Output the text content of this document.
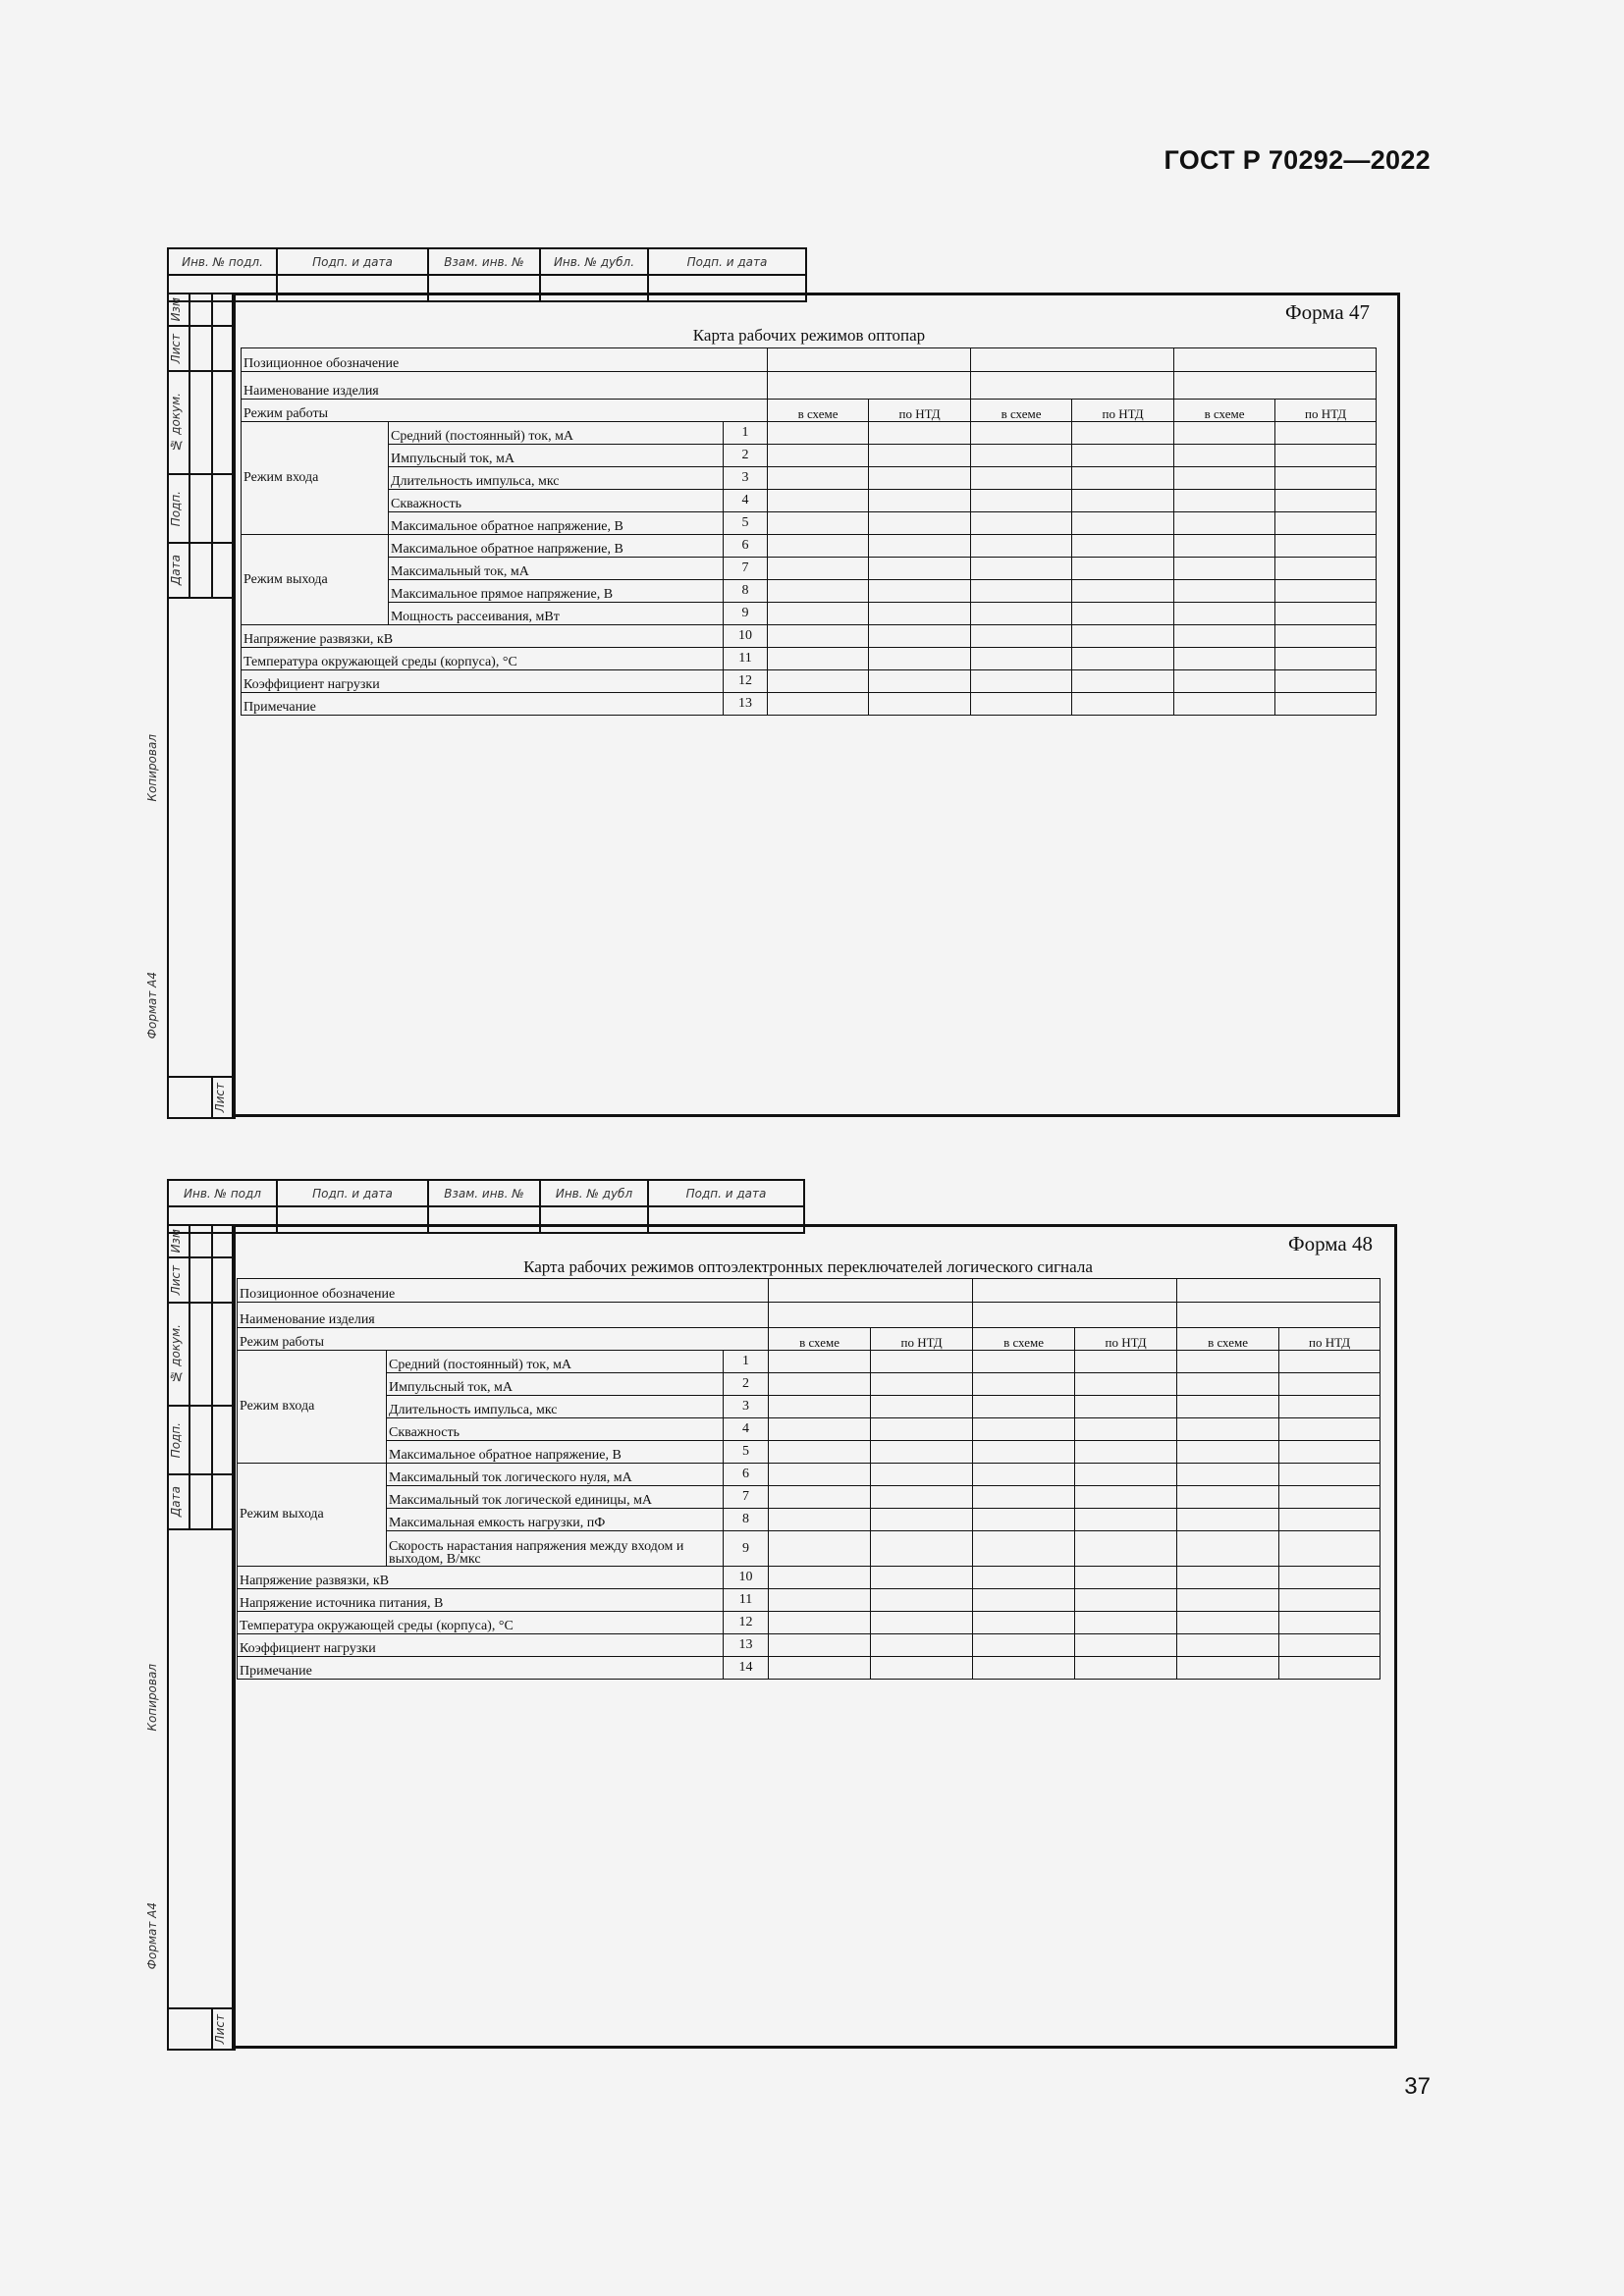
ГОСТ Р 70292—2022
37
Инв. № подл.	Подп. и дата	Взам. инв. №	Инв. № дубл.	Подп. и дата

Изм		

Лист		

№ докум.		

Подп.		

Дата		

		Лист
Копировал
Формат А4
Форма 47
Карта рабочих режимов оптопар
Позиционное обозначение								
Наименование изделия								
Режим работы			в схеме	по НТД	в схеме	по НТД	в схеме	по НТД
Режим входа	Средний (постоянный) ток, мА	1						
	Импульсный ток, мА	2						
	Длительность импульса, мкс	3						
	Скважность	4						
	Максимальное обратное напряжение, В	5						
Режим выхода	Максимальное обратное напряжение, В	6						
	Максимальный ток, мА	7						
	Максимальное прямое напряжение, В	8						
	Мощность рассеивания, мВт	9						
Напряжение развязки, кВ		10						
Температура окружающей среды (корпуса), °С		11						
Коэффициент нагрузки		12						
Примечание		13						
Инв. № подл	Подп. и дата	Взам. инв. №	Инв. № дубл	Подп. и дата

Изм		

Лист		

№ докум.		

Подп.		

Дата		

		Лист
Копировал
Формат А4
Форма 48
Карта рабочих режимов оптоэлектронных переключателей логического сигнала
Позиционное обозначение								
Наименование изделия								
Режим работы			в схеме	по НТД	в схеме	по НТД	в схеме	по НТД
Режим входа	Средний (постоянный) ток, мА	1						
	Импульсный ток, мА	2						
	Длительность импульса, мкс	3						
	Скважность	4						
	Максимальное обратное напряжение, В	5						
Режим выхода	Максимальный ток логического нуля, мА	6						
	Максимальный ток логической единицы, мА	7						
	Максимальная емкость нагрузки, пФ	8						
	Скорость нарастания напряжения между входом и выходом, В/мкс	9						
Напряжение развязки, кВ		10						
Напряжение источника питания, В		11						
Температура окружающей среды (корпуса), °С		12						
Коэффициент нагрузки		13						
Примечание		14						
